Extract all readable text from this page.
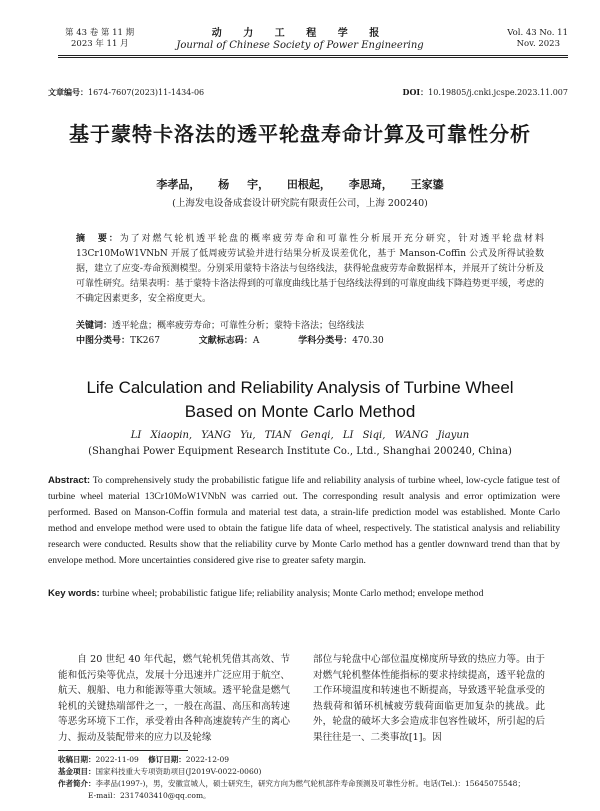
第 43 卷 第 11 期
2023 年 11 月
动 力 工 程 学 报
Journal of Chinese Society of Power Engineering
Vol. 43 No. 11
Nov. 2023
文章编号：1674-7607(2023)11-1434-06	DOI：10.19805/j.cnki.jcspe.2023.11.007
基于蒙特卡洛法的透平轮盘寿命计算及可靠性分析
李孝品， 杨 宇， 田根起， 李思琦， 王家鎏
(上海发电设备成套设计研究院有限责任公司，上海 200240)
摘　要：为了对燃气轮机透平轮盘的概率疲劳寿命和可靠性分析展开充分研究，针对透平轮盘材料 13Cr10MoW1VNbN 开展了低周疲劳试验并进行结果分析及误差优化，基于 Manson-Coffin 公式及所得试验数据，建立了应变-寿命预测模型。分别采用蒙特卡洛法与包络线法，获得轮盘疲劳寿命数据样本，并展开了统计分析及可靠性研究。结果表明：基于蒙特卡洛法得到的可靠度曲线比基于包络线法得到的可靠度曲线下降趋势更平缓，考虑的不确定因素更多，安全裕度更大。
关键词：透平轮盘；概率疲劳寿命；可靠性分析；蒙特卡洛法；包络线法
中图分类号：TK267	文献标志码：A	学科分类号：470.30
Life Calculation and Reliability Analysis of Turbine Wheel
Based on Monte Carlo Method
LI Xiaopin, YANG Yu, TIAN Genqi, LI Siqi, WANG Jiayun
(Shanghai Power Equipment Research Institute Co., Ltd., Shanghai 200240, China)
Abstract: To comprehensively study the probabilistic fatigue life and reliability analysis of turbine wheel, low-cycle fatigue test of turbine wheel material 13Cr10MoW1VNbN was carried out. The corresponding result analysis and error optimization were performed. Based on Manson-Coffin formula and material test data, a strain-life prediction model was established. Monte Carlo method and envelope method were used to obtain the fatigue life data of wheel, respectively. The statistical analysis and reliability research were conducted. Results show that the reliability curve by Monte Carlo method has a gentler downward trend than that by envelope method. More uncertainties considered give rise to greater safety margin.
Key words: turbine wheel; probabilistic fatigue life; reliability analysis; Monte Carlo method; envelope method
自 20 世纪 40 年代起，燃气轮机凭借其高效、节能和低污染等优点，发展十分迅速并广泛应用于航空、航天、舰船、电力和能源等重大领域。透平轮盘是燃气轮机的关键热端部件之一，一般在高温、高压和高转速等恶劣环境下工作，承受着由各种高速旋转产生的离心力、振动及装配带来的应力以及轮缘
部位与轮盘中心部位温度梯度所导致的热应力等。由于对燃气轮机整体性能指标的要求持续提高，透平轮盘的工作环境温度和转速也不断提高，导致透平轮盘承受的热载荷和循环机械疲劳载荷面临更加复杂的挑战。此外，轮盘的破坏大多会造成非包容性破坏，所引起的后果往往是一、二类事故[1]。因
收稿日期：2022-11-09 修订日期：2022-12-09
基金项目：国家科技重大专项资助项目(J2019V-0022-0060)
作者简介：李孝品(1997-)，男，安徽宣城人，硕士研究生，研究方向为燃气轮机部件寿命预测及可靠性分析。电话(Tel.)：15645075548；
E-mail：2317403410@qq.com。
